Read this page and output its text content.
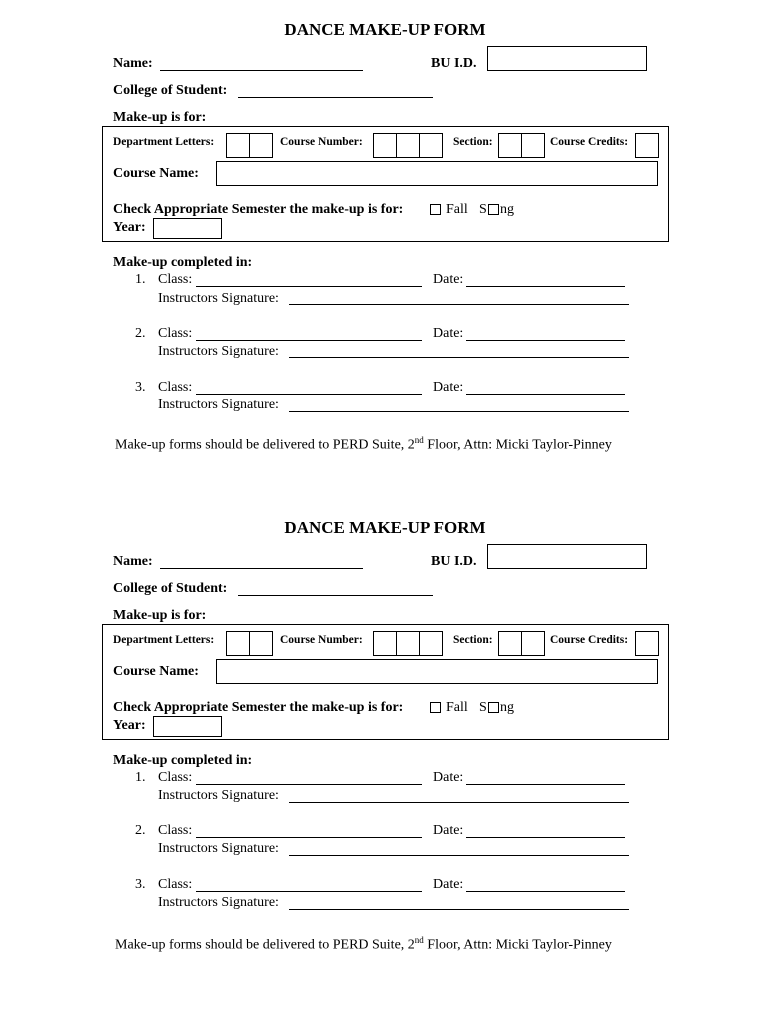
DANCE MAKE-UP FORM
Name:	BU I.D.
College of Student:
Make-up is for:
Department Letters:	Course Number:	Section:	Course Credits:
Course Name:
Check Appropriate Semester the make-up is for:	Fall S ng
Year:
Make-up completed in:
1. Class:	Date:
Instructors Signature:
2. Class:	Date:
Instructors Signature:
3. Class:	Date:
Instructors Signature:
Make-up forms should be delivered to PERD Suite, 2nd Floor, Attn: Micki Taylor-Pinney
DANCE MAKE-UP FORM
Name:	BU I.D.
College of Student:
Make-up is for:
Department Letters:	Course Number:	Section:	Course Credits:
Course Name:
Check Appropriate Semester the make-up is for:	Fall S ng
Year:
Make-up completed in:
1. Class:	Date:
Instructors Signature:
2. Class:	Date:
Instructors Signature:
3. Class:	Date:
Instructors Signature:
Make-up forms should be delivered to PERD Suite, 2nd Floor, Attn: Micki Taylor-Pinney
